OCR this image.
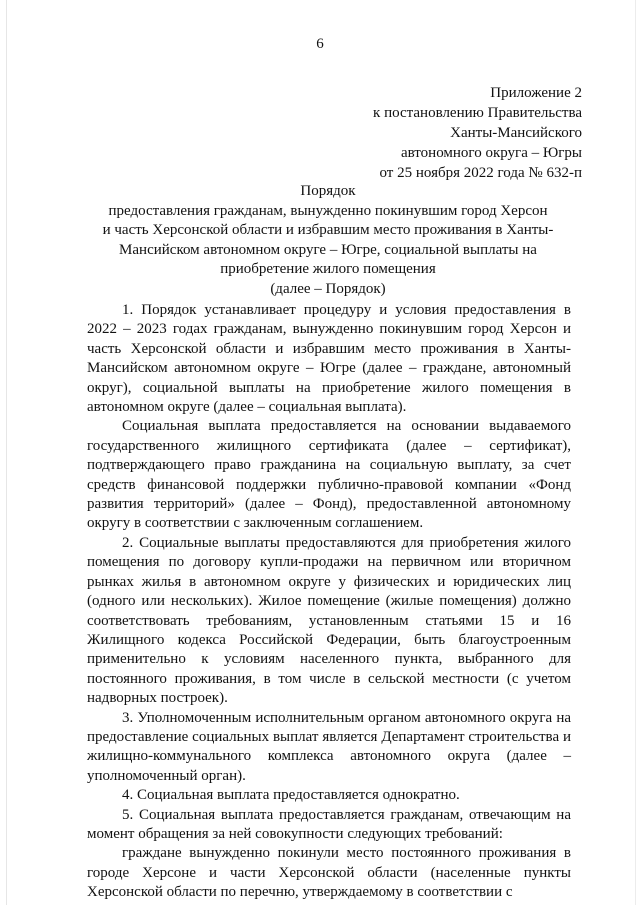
6
Приложение 2
к постановлению Правительства
Ханты-Мансийского
автономного округа – Югры
от 25 ноября 2022 года № 632-п
Порядок
предоставления гражданам, вынужденно покинувшим город Херсон
и часть Херсонской области и избравшим место проживания в Ханты-
Мансийском автономном округе – Югре, социальной выплаты на
приобретение жилого помещения
(далее – Порядок)

1. Порядок устанавливает процедуру и условия предоставления в 2022 – 2023 годах гражданам, вынужденно покинувшим город Херсон и часть Херсонской области и избравшим место проживания в Ханты-Мансийском автономном округе – Югре (далее – граждане, автономный округ), социальной выплаты на приобретение жилого помещения в автономном округе (далее – социальная выплата).

Социальная выплата предоставляется на основании выдаваемого государственного жилищного сертификата (далее – сертификат), подтверждающего право гражданина на социальную выплату, за счет средств финансовой поддержки публично-правовой компании «Фонд развития территорий» (далее – Фонд), предоставленной автономному округу в соответствии с заключенным соглашением.

2. Социальные выплаты предоставляются для приобретения жилого помещения по договору купли-продажи на первичном или вторичном рынках жилья в автономном округе у физических и юридических лиц (одного или нескольких). Жилое помещение (жилые помещения) должно соответствовать требованиям, установленным статьями 15 и 16 Жилищного кодекса Российской Федерации, быть благоустроенным применительно к условиям населенного пункта, выбранного для постоянного проживания, в том числе в сельской местности (с учетом надворных построек).

3. Уполномоченным исполнительным органом автономного округа на предоставление социальных выплат является Департамент строительства и жилищно-коммунального комплекса автономного округа (далее – уполномоченный орган).

4. Социальная выплата предоставляется однократно.

5. Социальная выплата предоставляется гражданам, отвечающим на момент обращения за ней совокупности следующих требований:

граждане вынужденно покинули место постоянного проживания в городе Херсоне и части Херсонской области (населенные пункты Херсонской области по перечню, утверждаемому в соответствии с
